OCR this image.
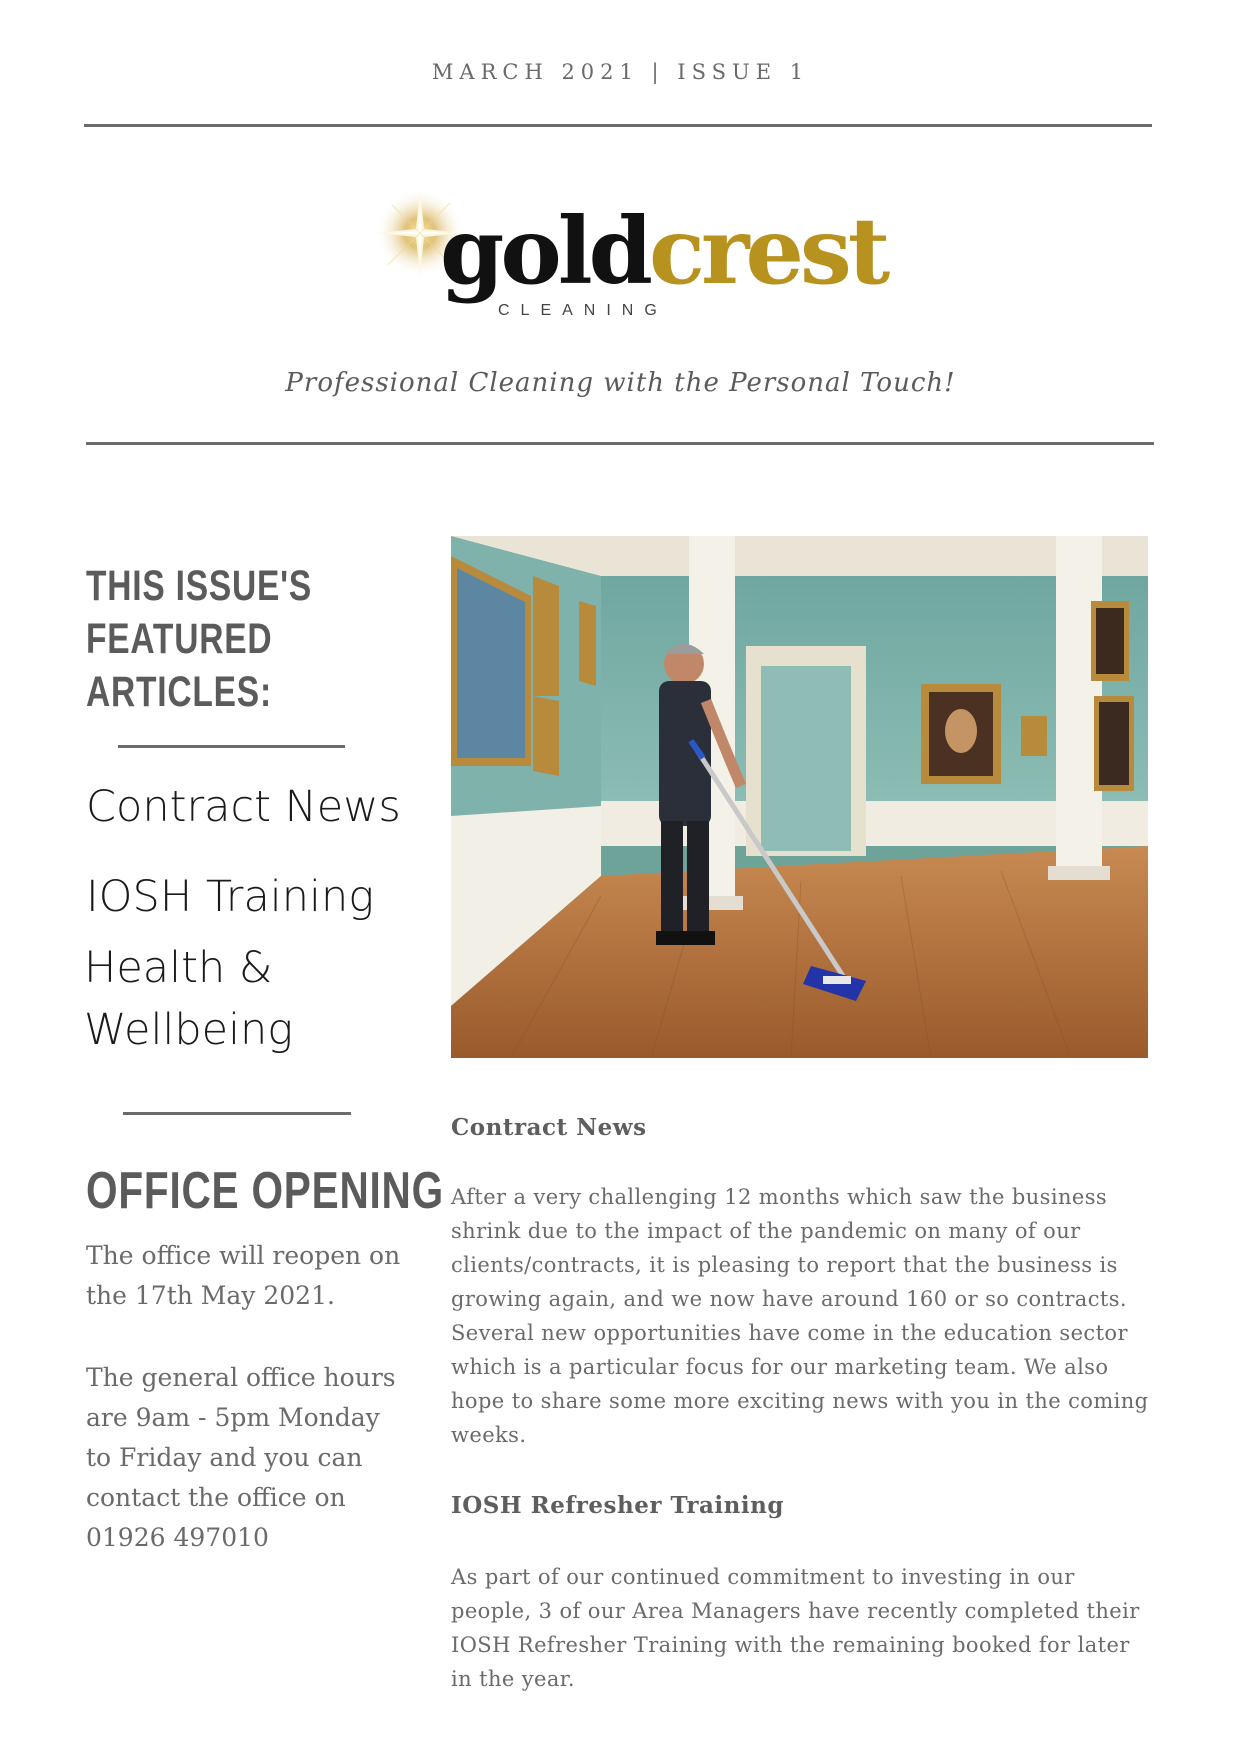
MARCH 2021 | ISSUE 1
goldcrest
CLEANING
Professional Cleaning with the Personal Touch!
THIS ISSUE'S FEATURED ARTICLES:
Contract News
IOSH Training
Health & Wellbeing
OFFICE OPENING
The office will reopen on the 17th May 2021.
The general office hours are 9am - 5pm Monday to Friday and you can contact the office on 01926 497010
Contract News
After a very challenging 12 months which saw the business shrink due to the impact of the pandemic on many of our clients/contracts, it is pleasing to report that the business is growing again, and we now have around 160 or so contracts. Several new opportunities have come in the education sector which is a particular focus for our marketing team. We also hope to share some more exciting news with you in the coming weeks.
IOSH Refresher Training
As part of our continued commitment to investing in our people, 3 of our Area Managers have recently completed their IOSH Refresher Training with the remaining booked for later in the year.
